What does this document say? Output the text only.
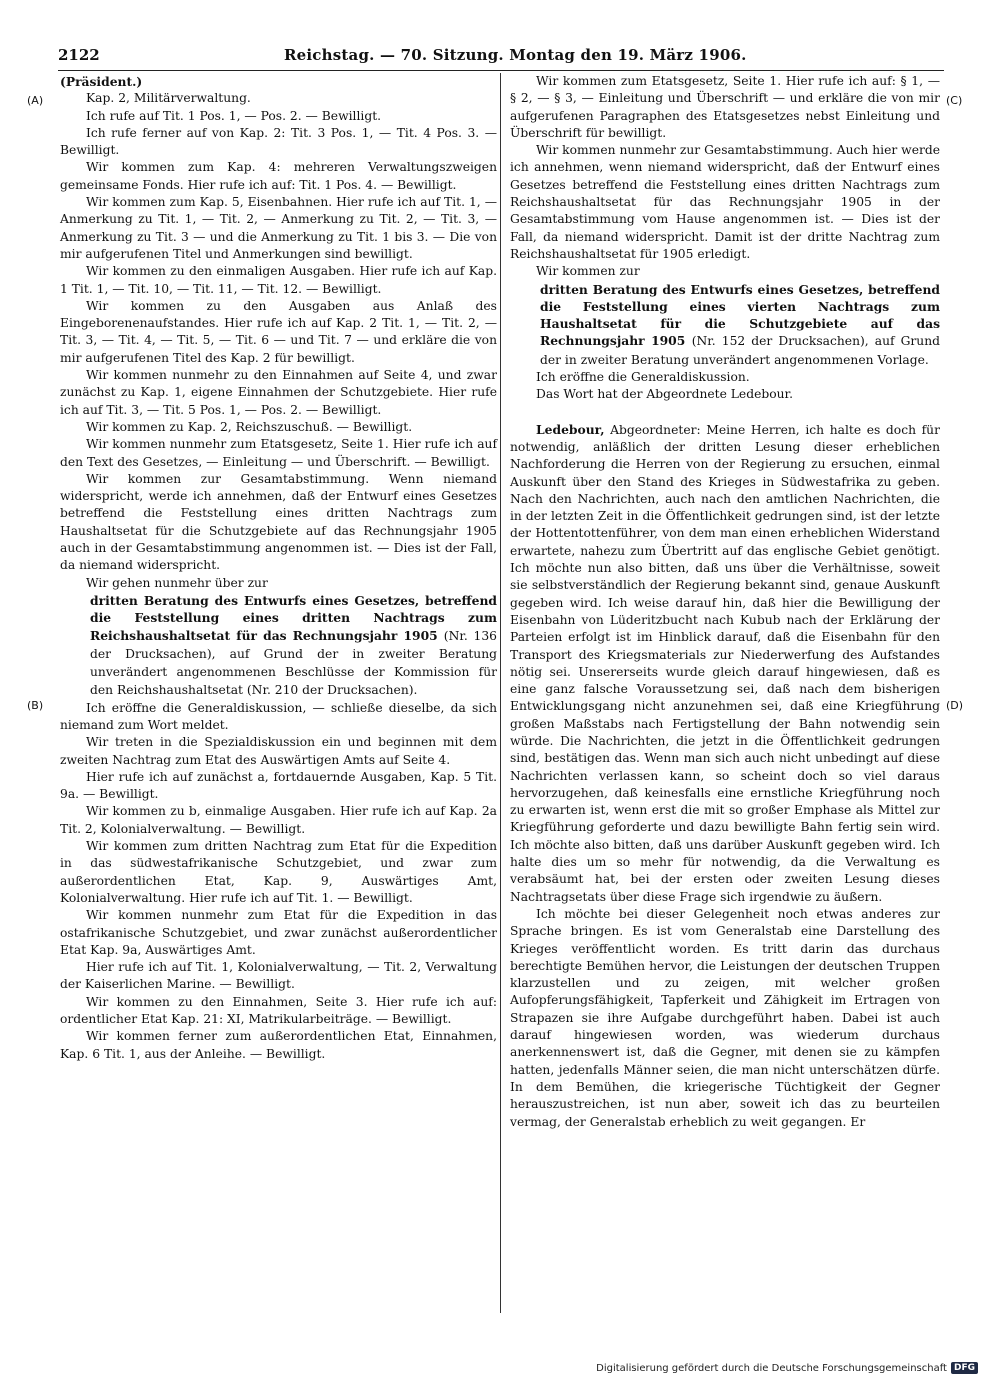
2122	Reichstag. — 70. Sitzung. Montag den 19. März 1906.
(A)
(B)
(C)
(D)

(Präsident.)

Kap. 2, Militärverwaltung.

Ich rufe auf Tit. 1 Pos. 1, — Pos. 2. — Bewilligt.

Ich rufe ferner auf von Kap. 2: Tit. 3 Pos. 1, — Tit. 4 Pos. 3. — Bewilligt.

Wir kommen zum Kap. 4: mehreren Verwaltungszweigen gemeinsame Fonds. Hier rufe ich auf: Tit. 1 Pos. 4. — Bewilligt.

Wir kommen zum Kap. 5, Eisenbahnen. Hier rufe ich auf Tit. 1, — Anmerkung zu Tit. 1, — Tit. 2, — Anmerkung zu Tit. 2, — Tit. 3, — Anmerkung zu Tit. 3 — und die Anmerkung zu Tit. 1 bis 3. — Die von mir aufgerufenen Titel und Anmerkungen sind bewilligt.

Wir kommen zu den einmaligen Ausgaben. Hier rufe ich auf Kap. 1 Tit. 1, — Tit. 10, — Tit. 11, — Tit. 12. — Bewilligt.

Wir kommen zu den Ausgaben aus Anlaß des Eingeborenenaufstandes. Hier rufe ich auf Kap. 2 Tit. 1, — Tit. 2, — Tit. 3, — Tit. 4, — Tit. 5, — Tit. 6 — und Tit. 7 — und erkläre die von mir aufgerufenen Titel des Kap. 2 für bewilligt.

Wir kommen nunmehr zu den Einnahmen auf Seite 4, und zwar zunächst zu Kap. 1, eigene Einnahmen der Schutzgebiete. Hier rufe ich auf Tit. 3, — Tit. 5 Pos. 1, — Pos. 2. — Bewilligt.

Wir kommen zu Kap. 2, Reichszuschuß. — Bewilligt.

Wir kommen nunmehr zum Etatsgesetz, Seite 1. Hier rufe ich auf den Text des Gesetzes, — Einleitung — und Überschrift. — Bewilligt.

Wir kommen zur Gesamtabstimmung. Wenn niemand widerspricht, werde ich annehmen, daß der Entwurf eines Gesetzes betreffend die Feststellung eines dritten Nachtrags zum Haushaltsetat für die Schutzgebiete auf das Rechnungsjahr 1905 auch in der Gesamtabstimmung angenommen ist. — Dies ist der Fall, da niemand widerspricht.

Wir gehen nunmehr über zur

dritten Beratung des Entwurfs eines Gesetzes, betreffend die Feststellung eines dritten Nachtrags zum Reichshaushaltsetat für das Rechnungsjahr 1905 (Nr. 136 der Drucksachen), auf Grund der in zweiter Beratung unverändert angenommenen Beschlüsse der Kommission für den Reichshaushaltsetat (Nr. 210 der Drucksachen).

Ich eröffne die Generaldiskussion, — schließe dieselbe, da sich niemand zum Wort meldet.

Wir treten in die Spezialdiskussion ein und beginnen mit dem zweiten Nachtrag zum Etat des Auswärtigen Amts auf Seite 4.

Hier rufe ich auf zunächst a, fortdauernde Ausgaben, Kap. 5 Tit. 9a. — Bewilligt.

Wir kommen zu b, einmalige Ausgaben. Hier rufe ich auf Kap. 2a Tit. 2, Kolonialverwaltung. — Bewilligt.

Wir kommen zum dritten Nachtrag zum Etat für die Expedition in das südwestafrikanische Schutzgebiet, und zwar zum außerordentlichen Etat, Kap. 9, Auswärtiges Amt, Kolonialverwaltung. Hier rufe ich auf Tit. 1. — Bewilligt.

Wir kommen nunmehr zum Etat für die Expedition in das ostafrikanische Schutzgebiet, und zwar zunächst außerordentlicher Etat Kap. 9a, Auswärtiges Amt.

Hier rufe ich auf Tit. 1, Kolonialverwaltung, — Tit. 2, Verwaltung der Kaiserlichen Marine. — Bewilligt.

Wir kommen zu den Einnahmen, Seite 3. Hier rufe ich auf: ordentlicher Etat Kap. 21: XI, Matrikularbeiträge. — Bewilligt.

Wir kommen ferner zum außerordentlichen Etat, Einnahmen, Kap. 6 Tit. 1, aus der Anleihe. — Bewilligt.

Wir kommen zum Etatsgesetz, Seite 1. Hier rufe ich auf: § 1, — § 2, — § 3, — Einleitung und Überschrift — und erkläre die von mir aufgerufenen Paragraphen des Etatsgesetzes nebst Einleitung und Überschrift für bewilligt.

Wir kommen nunmehr zur Gesamtabstimmung. Auch hier werde ich annehmen, wenn niemand widerspricht, daß der Entwurf eines Gesetzes betreffend die Feststellung eines dritten Nachtrags zum Reichshaushaltsetat für das Rechnungsjahr 1905 in der Gesamtabstimmung vom Hause angenommen ist. — Dies ist der Fall, da niemand widerspricht. Damit ist der dritte Nachtrag zum Reichshaushaltsetat für 1905 erledigt.

Wir kommen zur

dritten Beratung des Entwurfs eines Gesetzes, betreffend die Feststellung eines vierten Nachtrags zum Haushaltsetat für die Schutzgebiete auf das Rechnungsjahr 1905 (Nr. 152 der Drucksachen), auf Grund der in zweiter Beratung unverändert angenommenen Vorlage.

Ich eröffne die Generaldiskussion.

Das Wort hat der Abgeordnete Ledebour.

Ledebour, Abgeordneter: Meine Herren, ich halte es doch für notwendig, anläßlich der dritten Lesung dieser erheblichen Nachforderung die Herren von der Regierung zu ersuchen, einmal Auskunft über den Stand des Krieges in Südwestafrika zu geben. Nach den Nachrichten, auch nach den amtlichen Nachrichten, die in der letzten Zeit in die Öffentlichkeit gedrungen sind, ist der letzte der Hottentottenführer, von dem man einen erheblichen Widerstand erwartete, nahezu zum Übertritt auf das englische Gebiet genötigt. Ich möchte nun also bitten, daß uns über die Verhältnisse, soweit sie selbstverständlich der Regierung bekannt sind, genaue Auskunft gegeben wird. Ich weise darauf hin, daß hier die Bewilligung der Eisenbahn von Lüderitzbucht nach Kubub nach der Erklärung der Parteien erfolgt ist im Hinblick darauf, daß die Eisenbahn für den Transport des Kriegsmaterials zur Niederwerfung des Aufstandes nötig sei. Unsererseits wurde gleich darauf hingewiesen, daß es eine ganz falsche Voraussetzung sei, daß nach dem bisherigen Entwicklungsgang nicht anzunehmen sei, daß eine Kriegführung großen Maßstabs nach Fertigstellung der Bahn notwendig sein würde. Die Nachrichten, die jetzt in die Öffentlichkeit gedrungen sind, bestätigen das. Wenn man sich auch nicht unbedingt auf diese Nachrichten verlassen kann, so scheint doch so viel daraus hervorzugehen, daß keinesfalls eine ernstliche Kriegführung noch zu erwarten ist, wenn erst die mit so großer Emphase als Mittel zur Kriegführung geforderte und dazu bewilligte Bahn fertig sein wird. Ich möchte also bitten, daß uns darüber Auskunft gegeben wird. Ich halte dies um so mehr für notwendig, da die Verwaltung es verabsäumt hat, bei der ersten oder zweiten Lesung dieses Nachtragsetats über diese Frage sich irgendwie zu äußern.

Ich möchte bei dieser Gelegenheit noch etwas anderes zur Sprache bringen. Es ist vom Generalstab eine Darstellung des Krieges veröffentlicht worden. Es tritt darin das durchaus berechtigte Bemühen hervor, die Leistungen der deutschen Truppen klarzustellen und zu zeigen, mit welcher großen Aufopferungsfähigkeit, Tapferkeit und Zähigkeit im Ertragen von Strapazen sie ihre Aufgabe durchgeführt haben. Dabei ist auch darauf hingewiesen worden, was wiederum durchaus anerkennenswert ist, daß die Gegner, mit denen sie zu kämpfen hatten, jedenfalls Männer seien, die man nicht unterschätzen dürfe. In dem Bemühen, die kriegerische Tüchtigkeit der Gegner herauszustreichen, ist nun aber, soweit ich das zu beurteilen vermag, der Generalstab erheblich zu weit gegangen. Er

Digitalisierung gefördert durch die Deutsche Forschungsgemeinschaft DFG
